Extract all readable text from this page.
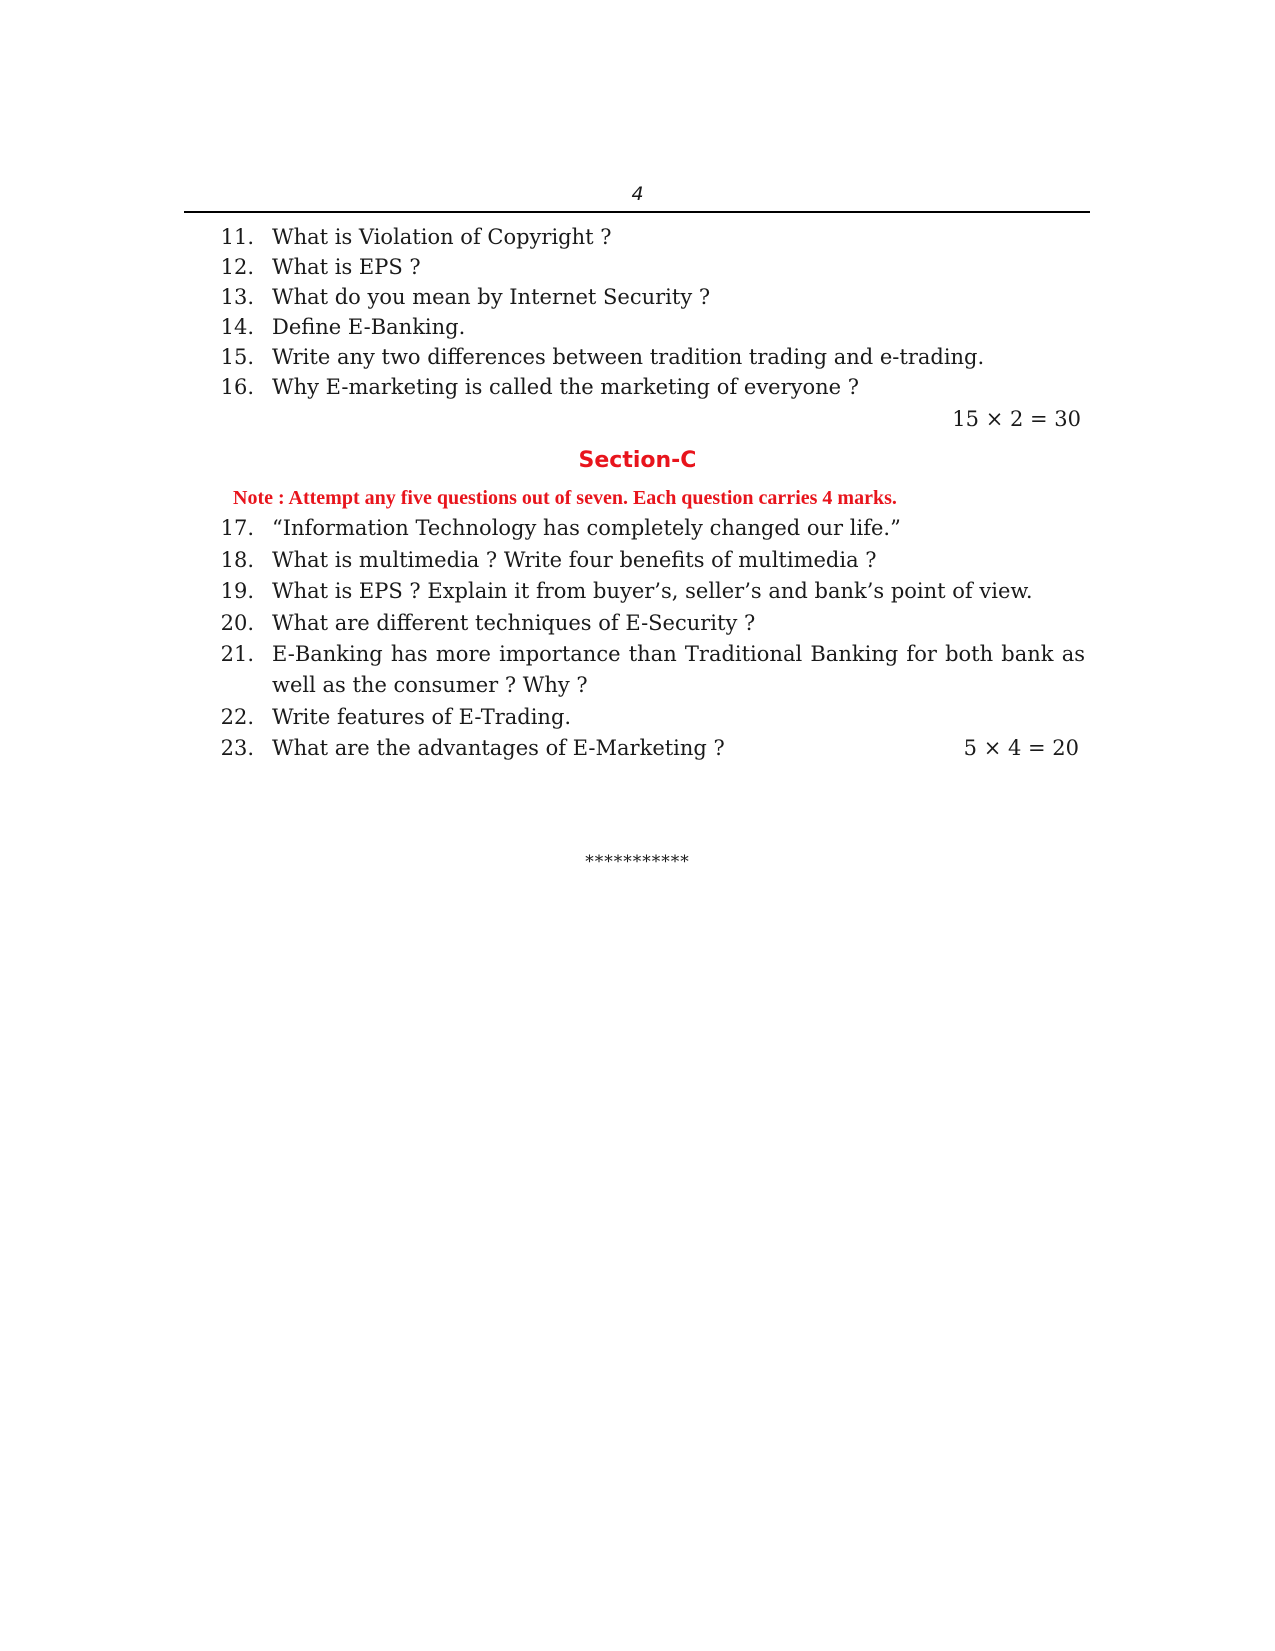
4
11. What is Violation of Copyright ?
12. What is EPS ?
13. What do you mean by Internet Security ?
14. Define E-Banking.
15. Write any two differences between tradition trading and e-trading.
16. Why E-marketing is called the marketing of everyone ?
15 × 2 = 30
Section-C
Note : Attempt any five questions out of seven. Each question carries 4 marks.
17. “Information Technology has completely changed our life.”
18. What is multimedia ? Write four benefits of multimedia ?
19. What is EPS ? Explain it from buyer’s, seller’s and bank’s point of view.
20. What are different techniques of E-Security ?
21. E-Banking has more importance than Traditional Banking for both bank as well as the consumer ? Why ?
22. Write features of E-Trading.
23. What are the advantages of E-Marketing ?	5 × 4 = 20
***********
